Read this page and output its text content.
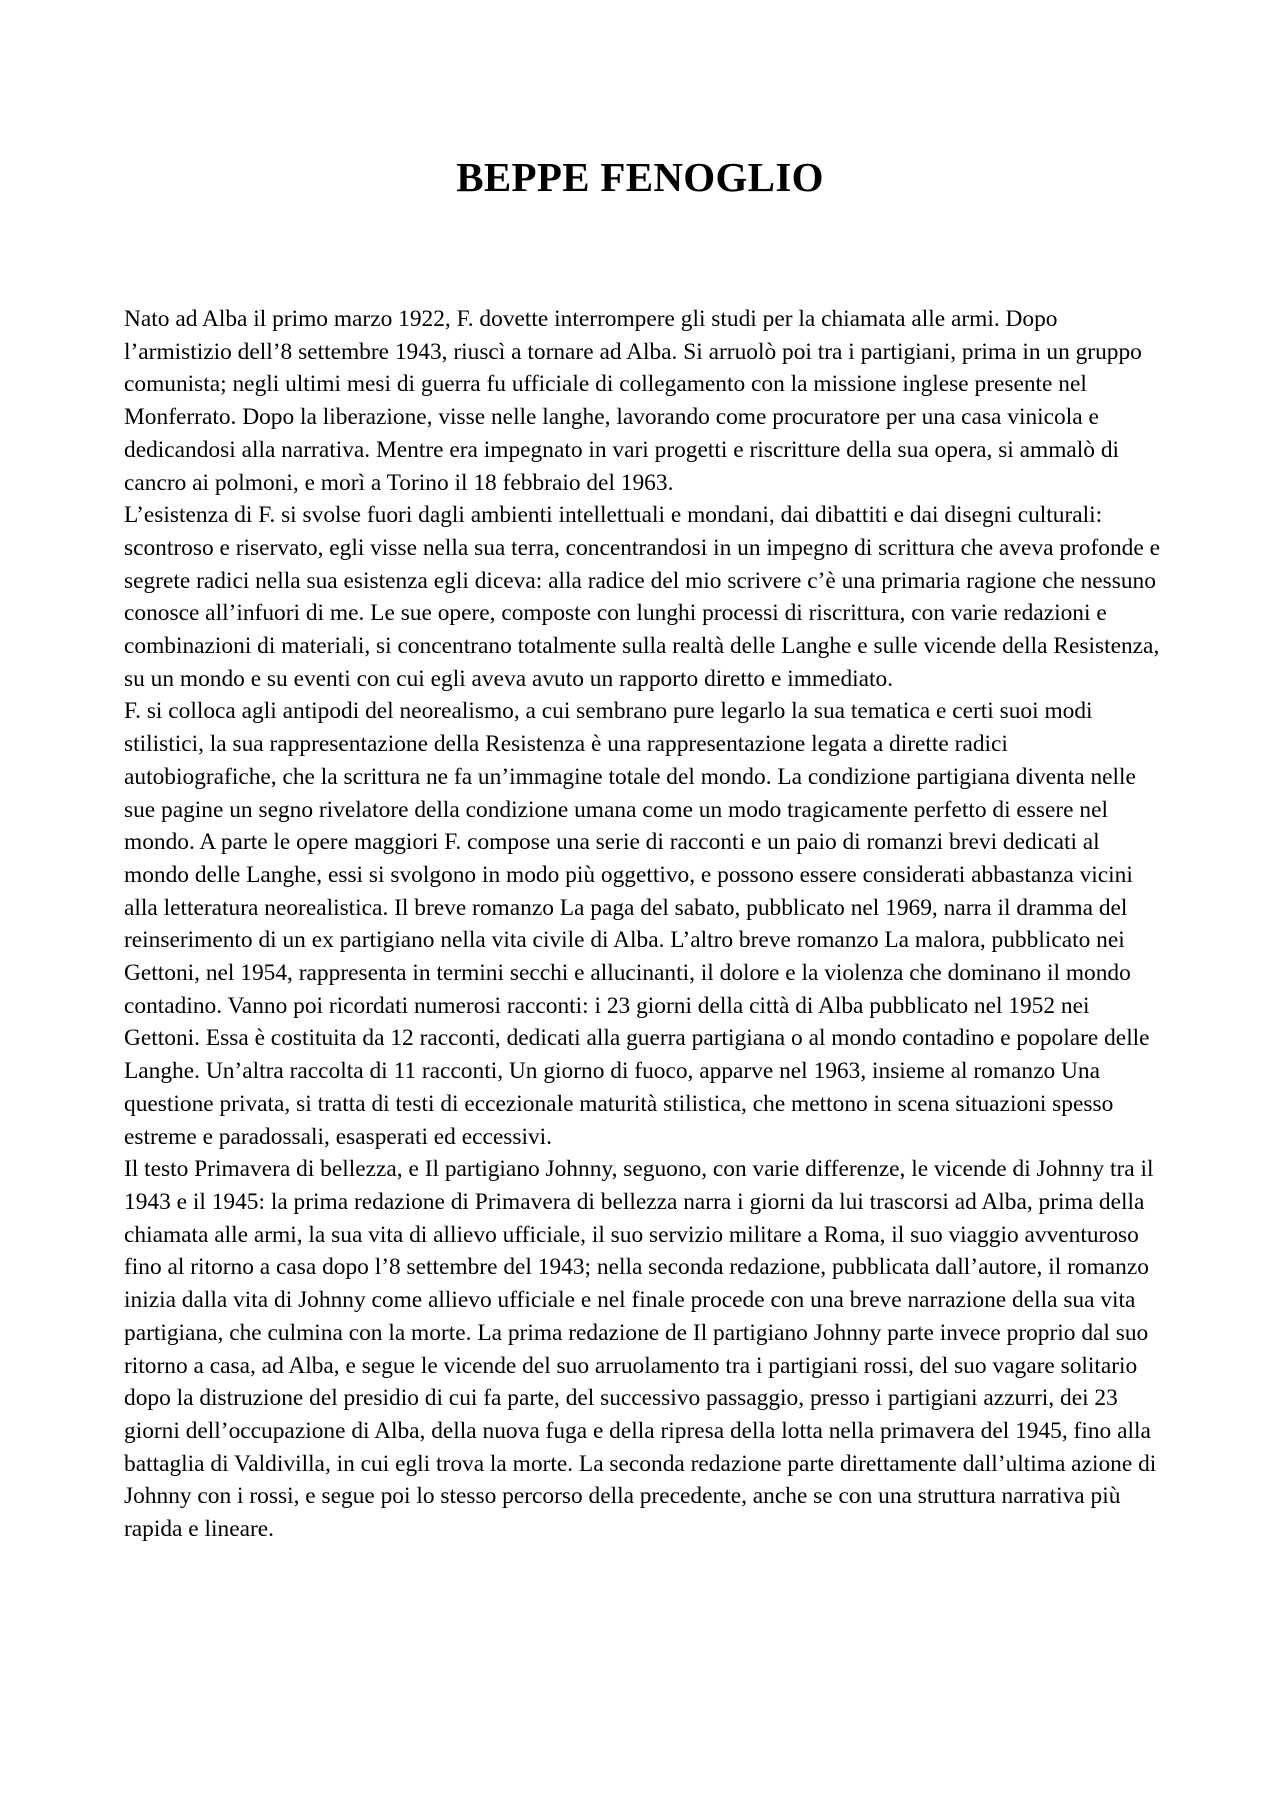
BEPPE FENOGLIO

Nato ad Alba il primo marzo 1922, F. dovette interrompere gli studi per la chiamata alle armi. Dopo l’armistizio dell’8 settembre 1943, riuscì a tornare ad Alba. Si arruolò poi tra i partigiani, prima in un gruppo comunista; negli ultimi mesi di guerra fu ufficiale di collegamento con la missione inglese presente nel Monferrato. Dopo la liberazione, visse nelle langhe, lavorando come procuratore per una casa vinicola e dedicandosi alla narrativa. Mentre era impegnato in vari progetti e riscritture della sua opera, si ammalò di cancro ai polmoni, e morì a Torino il 18 febbraio del 1963.

L’esistenza di F. si svolse fuori dagli ambienti intellettuali e mondani, dai dibattiti e dai disegni culturali: scontroso e riservato, egli visse nella sua terra, concentrandosi in un impegno di scrittura che aveva profonde e segrete radici nella sua esistenza egli diceva: alla radice del mio scrivere c’è una primaria ragione che nessuno conosce all’infuori di me. Le sue opere, composte con lunghi processi di riscrittura, con varie redazioni e combinazioni di materiali, si concentrano totalmente sulla realtà delle Langhe e sulle vicende della Resistenza, su un mondo e su eventi con cui egli aveva avuto un rapporto diretto e immediato.

F. si colloca agli antipodi del neorealismo, a cui sembrano pure legarlo la sua tematica e certi suoi modi stilistici, la sua rappresentazione della Resistenza è una rappresentazione legata a dirette radici autobiografiche, che la scrittura ne fa un’immagine totale del mondo. La condizione partigiana diventa nelle sue pagine un segno rivelatore della condizione umana come un modo tragicamente perfetto di essere nel mondo. A parte le opere maggiori F. compose una serie di racconti e un paio di romanzi brevi dedicati al mondo delle Langhe, essi si svolgono in modo più oggettivo, e possono essere considerati abbastanza vicini alla letteratura neorealistica. Il breve romanzo La paga del sabato, pubblicato nel 1969, narra il dramma del reinserimento di un ex partigiano nella vita civile di Alba. L’altro breve romanzo La malora, pubblicato nei Gettoni, nel 1954, rappresenta in termini secchi e allucinanti, il dolore e la violenza che dominano il mondo contadino. Vanno poi ricordati numerosi racconti: i 23 giorni della città di Alba pubblicato nel 1952 nei Gettoni. Essa è costituita da 12 racconti, dedicati alla guerra partigiana o al mondo contadino e popolare delle Langhe. Un’altra raccolta di 11 racconti, Un giorno di fuoco, apparve nel 1963, insieme al romanzo Una questione privata, si tratta di testi di eccezionale maturità stilistica, che mettono in scena situazioni spesso estreme e paradossali, esasperati ed eccessivi.

Il testo Primavera di bellezza, e Il partigiano Johnny, seguono, con varie differenze, le vicende di Johnny tra il 1943 e il 1945: la prima redazione di Primavera di bellezza narra i giorni da lui trascorsi ad Alba, prima della chiamata alle armi, la sua vita di allievo ufficiale, il suo servizio militare a Roma, il suo viaggio avventuroso fino al ritorno a casa dopo l’8 settembre del 1943; nella seconda redazione, pubblicata dall’autore, il romanzo inizia dalla vita di Johnny come allievo ufficiale e nel finale procede con una breve narrazione della sua vita partigiana, che culmina con la morte. La prima redazione de Il partigiano Johnny parte invece proprio dal suo ritorno a casa, ad Alba, e segue le vicende del suo arruolamento tra i partigiani rossi, del suo vagare solitario dopo la distruzione del presidio di cui fa parte, del successivo passaggio, presso i partigiani azzurri, dei 23 giorni dell’occupazione di Alba, della nuova fuga e della ripresa della lotta nella primavera del 1945, fino alla battaglia di Valdivilla, in cui egli trova la morte. La seconda redazione parte direttamente dall’ultima azione di Johnny con i rossi, e segue poi lo stesso percorso della precedente, anche se con una struttura narrativa più rapida e lineare.
